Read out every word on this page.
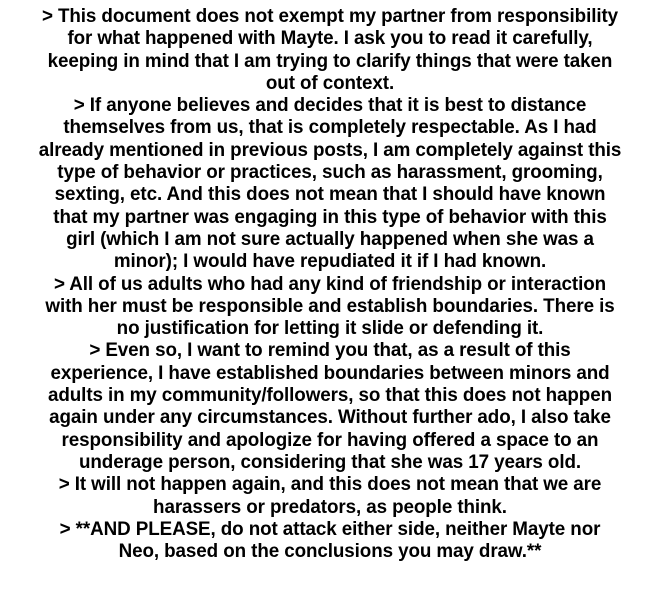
> This document does not exempt my partner from responsibility
for what happened with Mayte. I ask you to read it carefully,
keeping in mind that I am trying to clarify things that were taken
out of context.
> If anyone believes and decides that it is best to distance
themselves from us, that is completely respectable. As I had
already mentioned in previous posts, I am completely against this
type of behavior or practices, such as harassment, grooming,
sexting, etc. And this does not mean that I should have known
that my partner was engaging in this type of behavior with this
girl (which I am not sure actually happened when she was a
minor); I would have repudiated it if I had known.
> All of us adults who had any kind of friendship or interaction
with her must be responsible and establish boundaries. There is
no justification for letting it slide or defending it.
> Even so, I want to remind you that, as a result of this
experience, I have established boundaries between minors and
adults in my community/followers, so that this does not happen
again under any circumstances. Without further ado, I also take
responsibility and apologize for having offered a space to an
underage person, considering that she was 17 years old.
> It will not happen again, and this does not mean that we are
harassers or predators, as people think.
> **AND PLEASE, do not attack either side, neither Mayte nor
Neo, based on the conclusions you may draw.**
